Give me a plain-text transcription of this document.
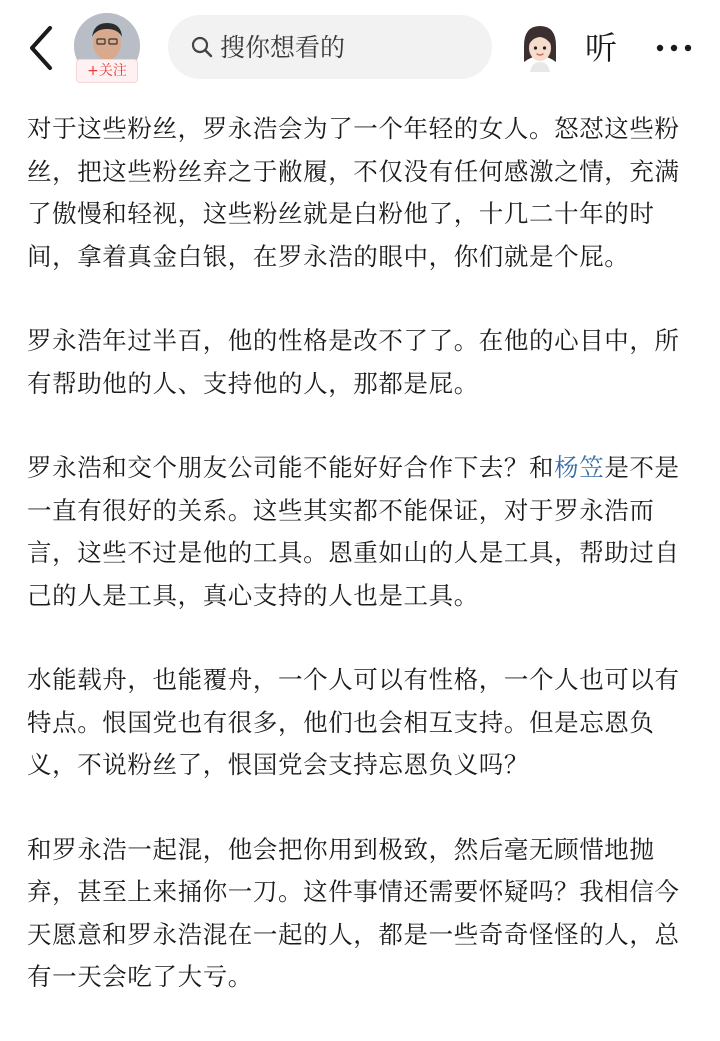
+关注
搜你想看的
听

对于这些粉丝，罗永浩会为了一个年轻的女人。怒怼这些粉丝，把这些粉丝弃之于敝履，不仅没有任何感激之情，充满了傲慢和轻视，这些粉丝就是白粉他了，十几二十年的时间，拿着真金白银，在罗永浩的眼中，你们就是个屁。

罗永浩年过半百，他的性格是改不了了。在他的心目中，所有帮助他的人、支持他的人，那都是屁。

罗永浩和交个朋友公司能不能好好合作下去？和杨笠是不是一直有很好的关系。这些其实都不能保证，对于罗永浩而言，这些不过是他的工具。恩重如山的人是工具，帮助过自己的人是工具，真心支持的人也是工具。

水能载舟，也能覆舟，一个人可以有性格，一个人也可以有特点。恨国党也有很多，他们也会相互支持。但是忘恩负义，不说粉丝了，恨国党会支持忘恩负义吗？

和罗永浩一起混，他会把你用到极致，然后毫无顾惜地抛弃，甚至上来捅你一刀。这件事情还需要怀疑吗？我相信今天愿意和罗永浩混在一起的人，都是一些奇奇怪怪的人，总有一天会吃了大亏。
